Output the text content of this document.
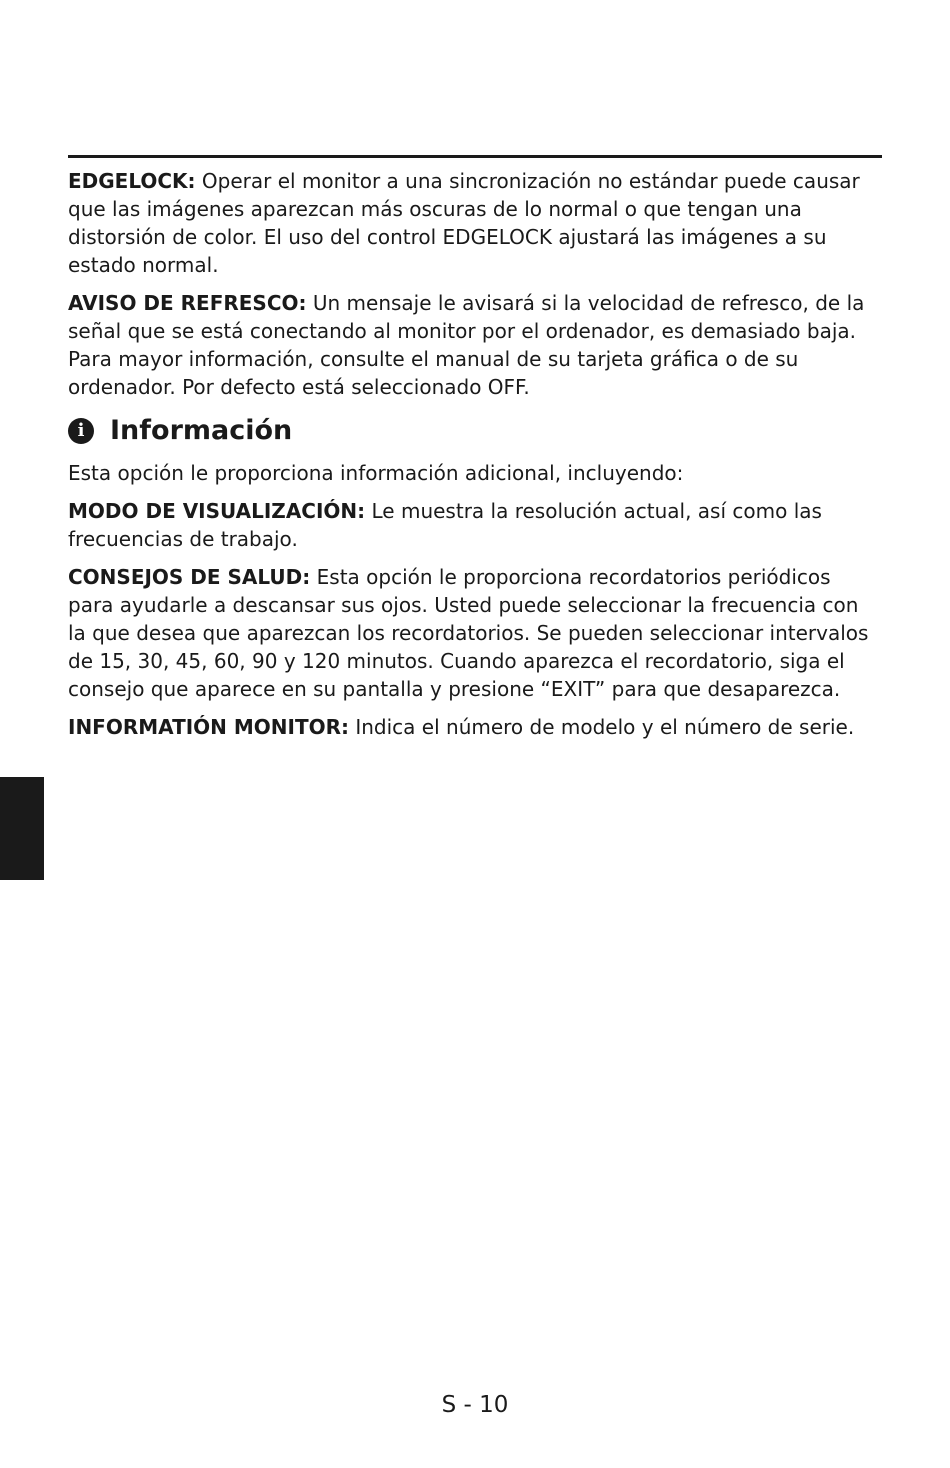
EDGELOCK: Operar el monitor a una sincronización no estándar puede causar que las imágenes aparezcan más oscuras de lo normal o que tengan una distorsión de color. El uso del control EDGELOCK ajustará las imágenes a su estado normal.

AVISO DE REFRESCO: Un mensaje le avisará si la velocidad de refresco, de la señal que se está conectando al monitor por el ordenador, es demasiado baja. Para mayor información, consulte el manual de su tarjeta gráfica o de su ordenador. Por defecto está seleccionado OFF.

i Información

Esta opción le proporciona información adicional, incluyendo:

MODO DE VISUALIZACIÓN: Le muestra la resolución actual, así como las frecuencias de trabajo.

CONSEJOS DE SALUD: Esta opción le proporciona recordatorios periódicos para ayudarle a descansar sus ojos. Usted puede seleccionar la frecuencia con la que desea que aparezcan los recordatorios. Se pueden seleccionar intervalos de 15, 30, 45, 60, 90 y 120 minutos. Cuando aparezca el recordatorio, siga el consejo que aparece en su pantalla y presione “EXIT” para que desaparezca.

INFORMATIÓN MONITOR: Indica el número de modelo y el número de serie.

S - 10
